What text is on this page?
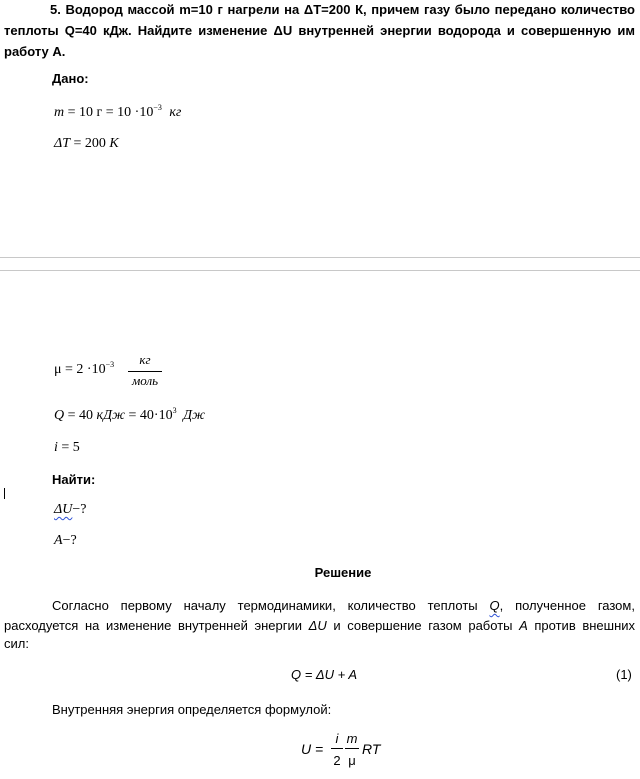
5. Водород массой m=10 г нагрели на ΔT=200 К, причем газу было передано количество
теплоты Q=40 кДж. Найдите изменение ΔU внутренней энергии водорода и совершенную им
работу A.
Дано:
m = 10 $г = 10 \cdot 10^{-3}$ кг
ΔT = 200 К
$\mu = 2 \cdot 10^{-3}$	кг
моль
Q = 40 кДж = $40\cdot 10^3$ Дж
i = 5
Найти:
ΔU−?
A−?
Решение
Согласно первому началу термодинамики, количество теплоты Q, полученное газом,
расходуется на изменение внутренней энергии ΔU и совершение газом работы A против внешних
сил:
Q = ΔU + A	(1)
Внутренняя энергия определяется формулой:
U =
i
2
m
μ
RT
